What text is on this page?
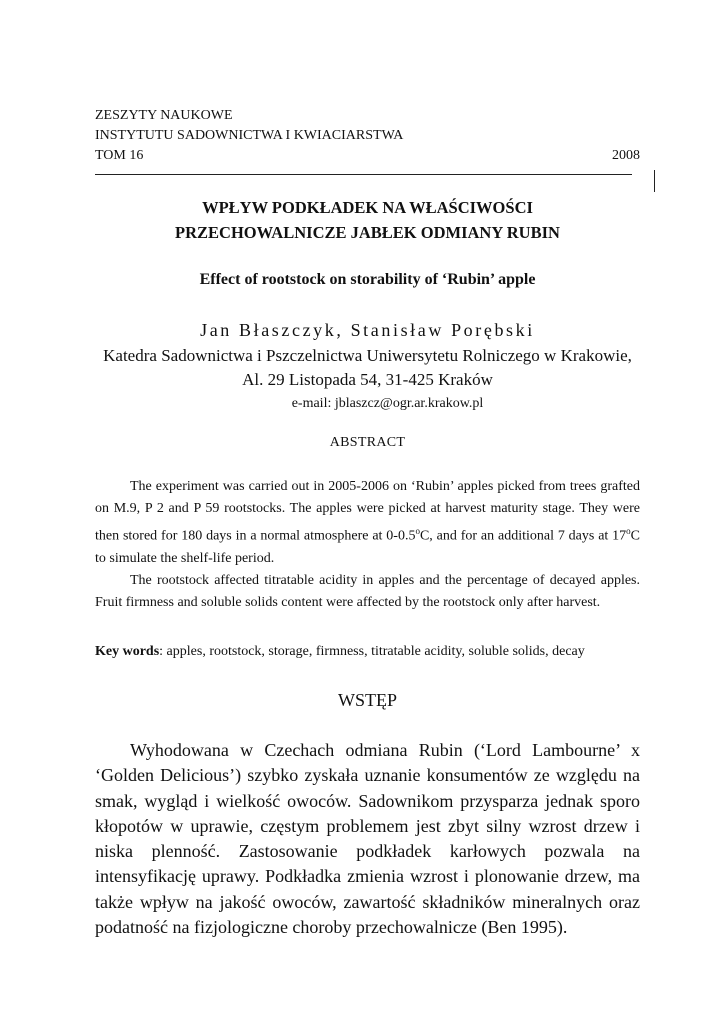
ZESZYTY NAUKOWE
INSTYTUTU SADOWNICTWA I KWIACIARSTWA
TOM 16	2008
WPŁYW PODKŁADEK NA WŁAŚCIWOŚCI
PRZECHOWALNICZE JABŁEK ODMIANY RUBIN
Effect of rootstock on storability of ‘Rubin’ apple
Jan Błaszczyk, Stanisław Porębski
Katedra Sadownictwa i Pszczelnictwa Uniwersytetu Rolniczego w Krakowie,
Al. 29 Listopada 54, 31-425 Kraków
e-mail: jblaszcz@ogr.ar.krakow.pl
ABSTRACT

The experiment was carried out in 2005-2006 on ‘Rubin’ apples picked from trees grafted on M.9, P 2 and P 59 rootstocks. The apples were picked at harvest maturity stage. They were then stored for 180 days in a normal atmosphere at 0-0.5$^o$C, and for an additional 7 days at 17$^o$C to simulate the shelf-life period.

The rootstock affected titratable acidity in apples and the percentage of decayed apples. Fruit firmness and soluble solids content were affected by the rootstock only after harvest.

Key words: apples, rootstock, storage, firmness, titratable acidity, soluble solids, decay
WSTĘP

Wyhodowana w Czechach odmiana Rubin (‘Lord Lambourne’ x ‘Golden Delicious’) szybko zyskała uznanie konsumentów ze względu na smak, wygląd i wielkość owoców. Sadownikom przysparza jednak sporo kłopotów w uprawie, częstym problemem jest zbyt silny wzrost drzew i niska plenność. Zastosowanie podkładek karłowych pozwala na intensyfikację uprawy. Podkładka zmienia wzrost i plonowanie drzew, ma także wpływ na jakość owoców, zawartość składników mineralnych oraz podatność na fizjologiczne choroby przechowalnicze (Ben 1995).
